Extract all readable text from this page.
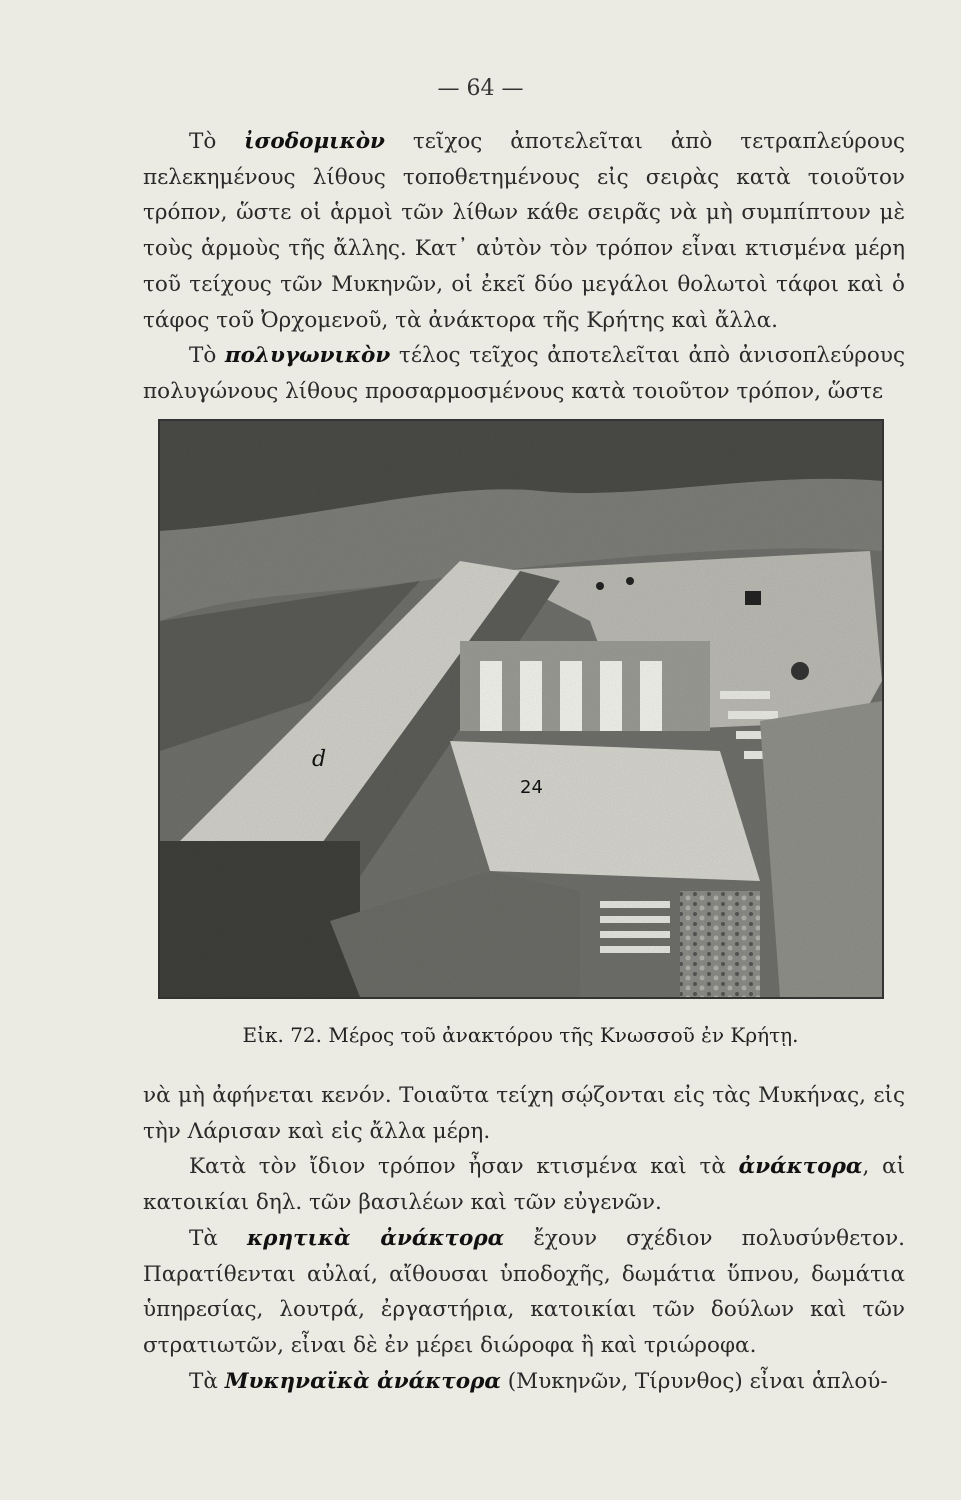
— 64 —

Τὸ ἰσοδομικὸν τεῖχος ἀποτελεῖται ἀπὸ τετραπλεύρους πελεκημένους λίθους τοποθετημένους εἰς σειρὰς κατὰ τοιοῦτον τρόπον, ὥστε οἱ ἁρμοὶ τῶν λίθων κάθε σειρᾶς νὰ μὴ συμπίπτουν μὲ τοὺς ἁρμοὺς τῆς ἄλλης. Κατ᾽ αὐτὸν τὸν τρόπον εἶναι κτισμένα μέρη τοῦ τείχους τῶν Μυκηνῶν, οἱ ἐκεῖ δύο μεγάλοι θολωτοὶ τάφοι καὶ ὁ τάφος τοῦ Ὀρχομενοῦ, τὰ ἀνάκτορα τῆς Κρήτης καὶ ἄλλα.

Τὸ πολυγωνικὸν τέλος τεῖχος ἀποτελεῖται ἀπὸ ἀνισοπλεύρους πολυγώνους λίθους προσαρμοσμένους κατὰ τοιοῦτον τρόπον, ὥστε

d
24
Εἰκ. 72. Μέρος τοῦ ἀνακτόρου τῆς Κνωσσοῦ ἐν Κρήτῃ.

νὰ μὴ ἀφήνεται κενόν. Τοιαῦτα τείχη σῴζονται εἰς τὰς Μυκήνας, εἰς τὴν Λάρισαν καὶ εἰς ἄλλα μέρη.

Κατὰ τὸν ἴδιον τρόπον ἦσαν κτισμένα καὶ τὰ ἀνάκτορα, αἱ κατοικίαι δηλ. τῶν βασιλέων καὶ τῶν εὐγενῶν.

Τὰ κρητικὰ ἀνάκτορα ἔχουν σχέδιον πολυσύνθετον. Παρατίθενται αὐλαί, αἴθουσαι ὑποδοχῆς, δωμάτια ὕπνου, δωμάτια ὑπηρεσίας, λουτρά, ἐργαστήρια, κατοικίαι τῶν δούλων καὶ τῶν στρατιωτῶν, εἶναι δὲ ἐν μέρει διώροφα ἢ καὶ τριώροφα.

Τὰ Μυκηναϊκὰ ἀνάκτορα (Μυκηνῶν, Τίρυνθος) εἶναι ἁπλού-
